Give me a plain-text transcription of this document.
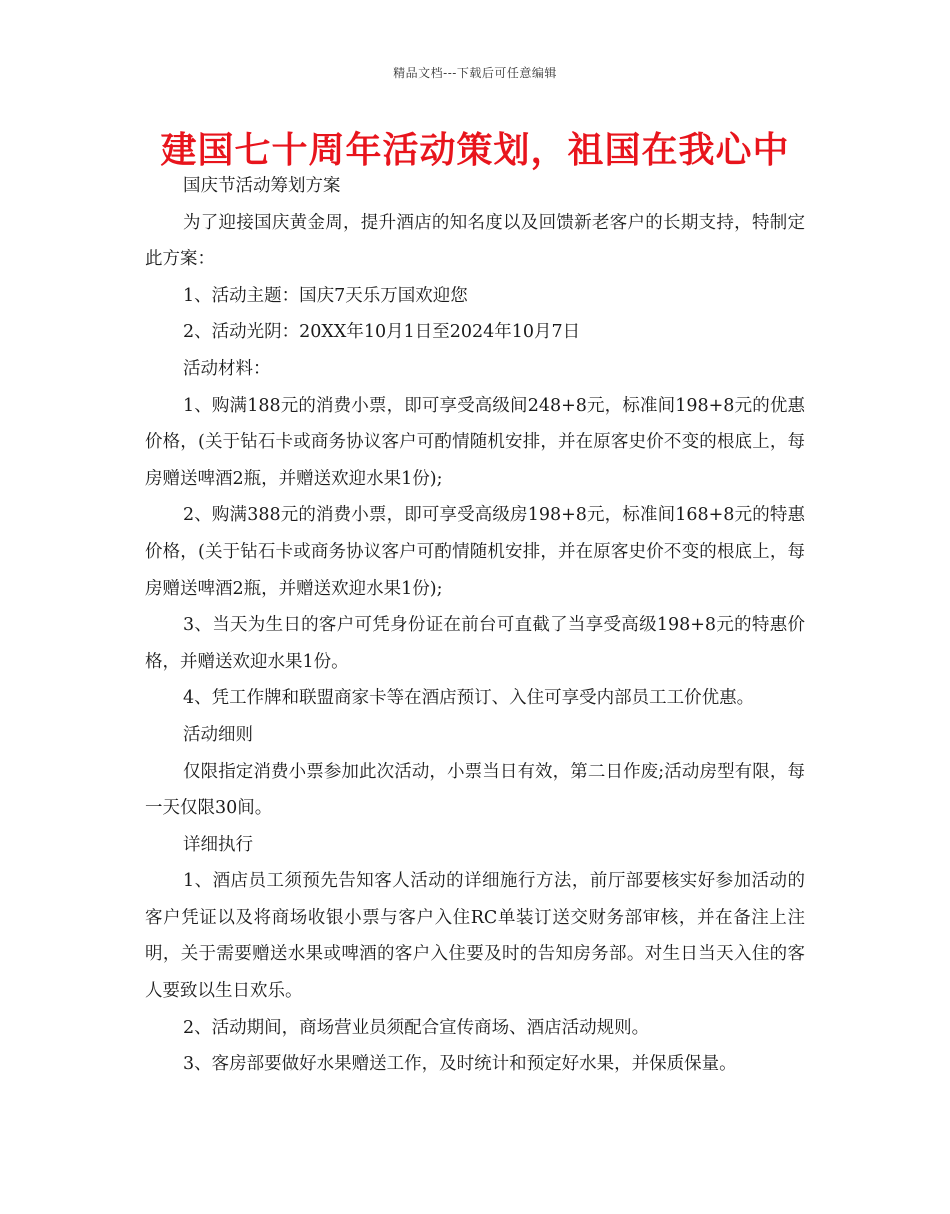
精品文档---下载后可任意编辑
建国七十周年活动策划，祖国在我心中

国庆节活动筹划方案

为了迎接国庆黄金周，提升酒店的知名度以及回馈新老客户的长期支持，特制定此方案：

1、活动主题：国庆7天乐万国欢迎您

2、活动光阴：20XX年10月1日至2024年10月7日

活动材料：

1、购满188元的消费小票，即可享受高级间248+8元，标准间198+8元的优惠价格，(关于钻石卡或商务协议客户可酌情随机安排，并在原客史价不变的根底上，每房赠送啤酒2瓶，并赠送欢迎水果1份);

2、购满388元的消费小票，即可享受高级房198+8元，标准间168+8元的特惠价格，(关于钻石卡或商务协议客户可酌情随机安排，并在原客史价不变的根底上，每房赠送啤酒2瓶，并赠送欢迎水果1份);

3、当天为生日的客户可凭身份证在前台可直截了当享受高级198+8元的特惠价格，并赠送欢迎水果1份。

4、凭工作牌和联盟商家卡等在酒店预订、入住可享受内部员工工价优惠。

活动细则

仅限指定消费小票参加此次活动，小票当日有效，第二日作废;活动房型有限，每一天仅限30间。

详细执行

1、酒店员工须预先告知客人活动的详细施行方法，前厅部要核实好参加活动的客户凭证以及将商场收银小票与客户入住RC单装订送交财务部审核，并在备注上注明，关于需要赠送水果或啤酒的客户入住要及时的告知房务部。对生日当天入住的客人要致以生日欢乐。

2、活动期间，商场营业员须配合宣传商场、酒店活动规则。

3、客房部要做好水果赠送工作，及时统计和预定好水果，并保质保量。
